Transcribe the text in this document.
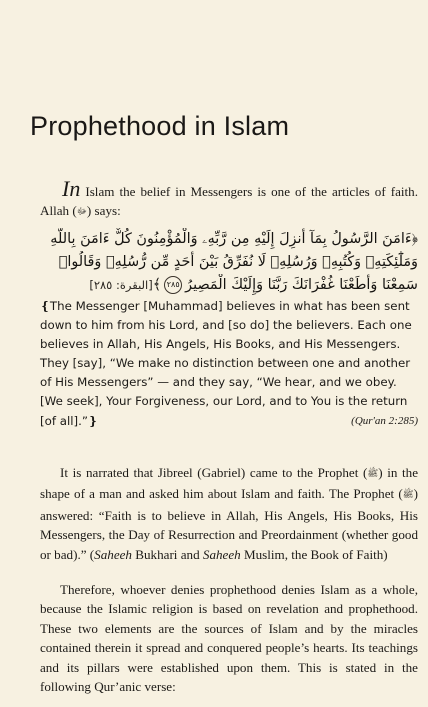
Prophethood in Islam
In Islam the belief in Messengers is one of the articles of faith. Allah (ﷻ) says:
﴿ءَامَنَ الرَّسُولُ بِمَآ أُنزِلَ إِلَيْهِ مِن رَّبِّهِۦ وَالْمُؤْمِنُونَ كُلٌّ ءَامَنَ بِاللَّهِ
وَمَلَٰٓئِكَتِهِۦ وَكُتُبِهِۦ وَرُسُلِهِۦ لَا نُفَرِّقُ بَيْنَ أَحَدٍ مِّن رُّسُلِهِۦ وَقَالُوا۟
سَمِعْنَا وَأَطَعْنَا غُفْرَانَكَ رَبَّنَا وَإِلَيْكَ الْمَصِيرُ٢٨٥﴾[البقرة: ٢٨٥]
❴The Messenger [Muhammad] believes in what has been sent down to him from his Lord, and [so do] the believers. Each one believes in Allah, His Angels, His Books, and His Messengers. They [say], “We make no distinction between one and another of His Messengers” — and they say, “We hear, and we obey. [We seek], Your Forgiveness, our Lord, and to You is the return [of all].”❵	(Qur'an 2:285)
It is narrated that Jibreel (Gabriel) came to the Prophet (ﷺ) in the shape of a man and asked him about Islam and faith. The Prophet (ﷺ) answered: “Faith is to believe in Allah, His Angels, His Books, His Messengers, the Day of Resurrection and Preordainment (whether good or bad).” (Saheeh Bukhari and Saheeh Muslim, the Book of Faith)
Therefore, whoever denies prophethood denies Islam as a whole, because the Islamic religion is based on revelation and prophethood. These two elements are the sources of Islam and by the miracles contained therein it spread and conquered people’s hearts. Its teachings and its pillars were established upon them. This is stated in the following Qur’anic verse:
